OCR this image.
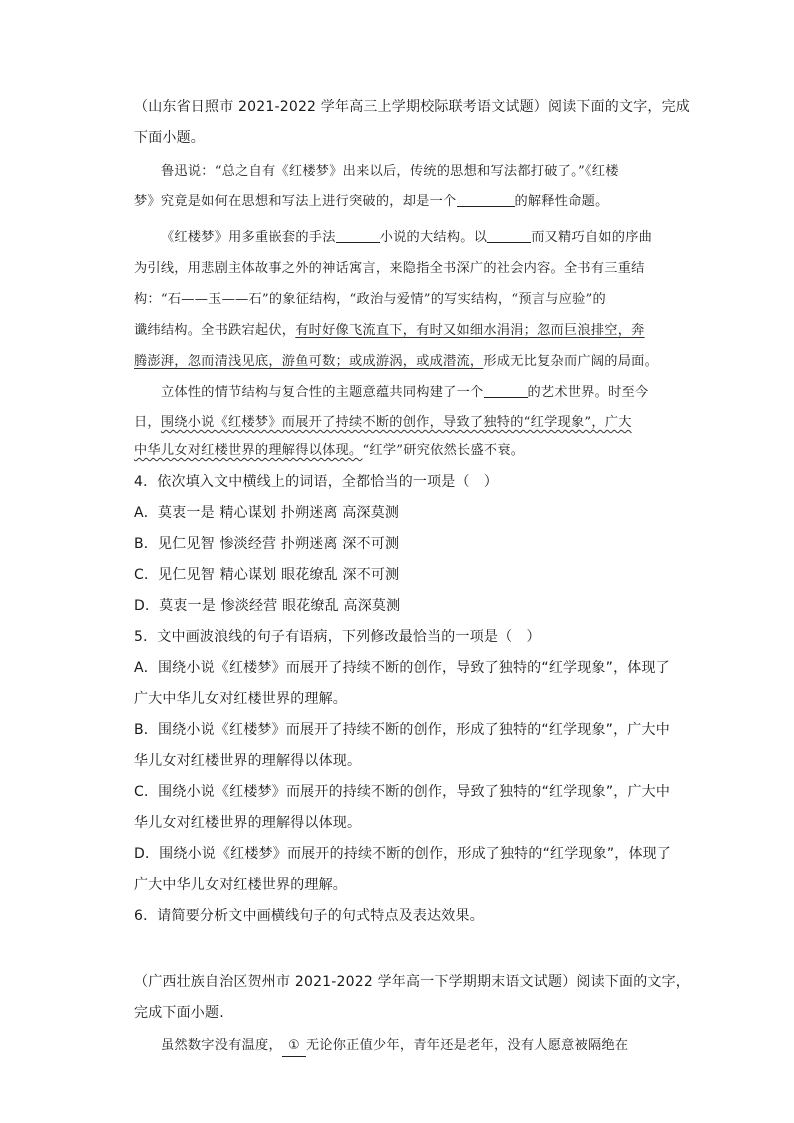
（山东省日照市 2021-2022 学年高三上学期校际联考语文试题）阅读下面的文字，完成
下面小题。
鲁迅说：“总之自有《红楼梦》出来以后，传统的思想和写法都打破了。”《红楼
梦》究竟是如何在思想和写法上进行突破的，却是一个	的解释性命题。
《红楼梦》用多重嵌套的手法	小说的大结构。以	而又精巧自如的序曲
为引线，用悲剧主体故事之外的神话寓言，来隐指全书深广的社会内容。全书有三重结
构：“石——玉——石”的象征结构，“政治与爱情”的写实结构，“预言与应验”的
谶纬结构。全书跌宕起伏，有时好像飞流直下，有时又如细水涓涓；忽而巨浪排空，奔
腾澎湃，忽而清浅见底，游鱼可数；或成游涡，或成潜流，形成无比复杂而广阔的局面。
立体性的情节结构与复合性的主题意蕴共同构建了一个	的艺术世界。时至今
日，围绕小说《红楼梦》而展开了持续不断的创作，导致了独特的“红学现象”，广大
中华儿女对红楼世界的理解得以体现。“红学”研究依然长盛不衰。
4．依次填入文中横线上的词语，全都恰当的一项是（　）
A．莫衷一是 精心谋划 扑朔迷离 高深莫测
B．见仁见智 惨淡经营 扑朔迷离 深不可测
C．见仁见智 精心谋划 眼花缭乱 深不可测
D．莫衷一是 惨淡经营 眼花缭乱 高深莫测
5．文中画波浪线的句子有语病，下列修改最恰当的一项是（　）
A．围绕小说《红楼梦》而展开了持续不断的创作，导致了独特的“红学现象”，体现了
广大中华儿女对红楼世界的理解。
B．围绕小说《红楼梦》而展开了持续不断的创作，形成了独特的“红学现象”，广大中
华儿女对红楼世界的理解得以体现。
C．围绕小说《红楼梦》而展开的持续不断的创作，导致了独特的“红学现象”，广大中
华儿女对红楼世界的理解得以体现。
D．围绕小说《红楼梦》而展开的持续不断的创作，形成了独特的“红学现象”，体现了
广大中华儿女对红楼世界的理解。
6．请简要分析文中画横线句子的句式特点及表达效果。
（广西壮族自治区贺州市 2021-2022 学年高一下学期期末语文试题）阅读下面的文字，
完成下面小题.
虽然数字没有温度， ① 无论你正值少年，青年还是老年，没有人愿意被隔绝在
